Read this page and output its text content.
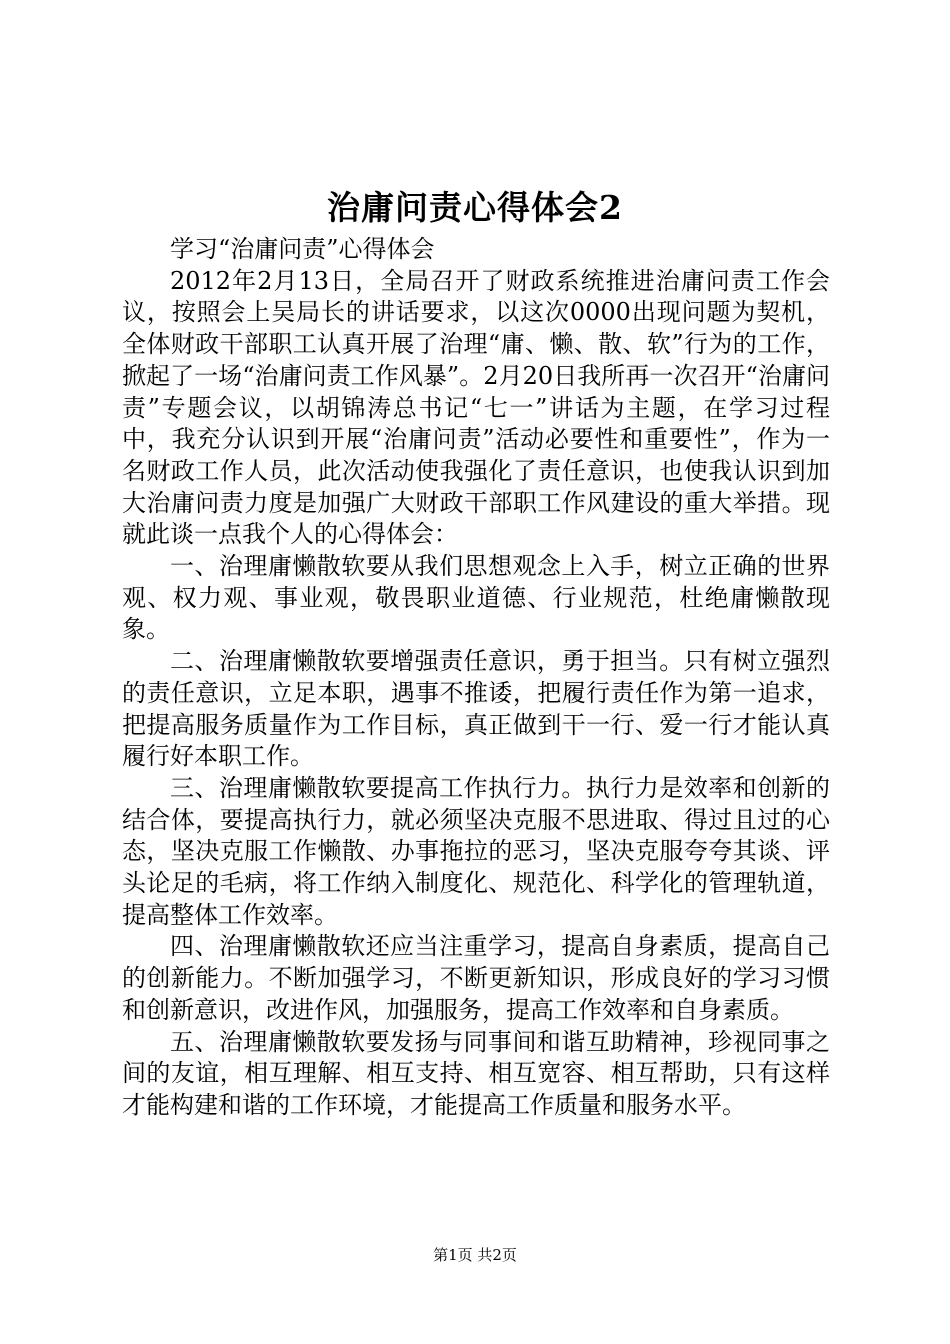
治庸问责心得体会2

学习“治庸问责”心得体会

2012年2月13日，全局召开了财政系统推进治庸问责工作会议，按照会上吴局长的讲话要求，以这次0000出现问题为契机，全体财政干部职工认真开展了治理“庸、懒、散、软”行为的工作，掀起了一场“治庸问责工作风暴”。2月20日我所再一次召开“治庸问责”专题会议，以胡锦涛总书记“七一”讲话为主题，在学习过程中，我充分认识到开展“治庸问责”活动必要性和重要性”，作为一名财政工作人员，此次活动使我强化了责任意识，也使我认识到加大治庸问责力度是加强广大财政干部职工作风建设的重大举措。现就此谈一点我个人的心得体会：

一、治理庸懒散软要从我们思想观念上入手，树立正确的世界观、权力观、事业观，敬畏职业道德、行业规范，杜绝庸懒散现象。

二、治理庸懒散软要增强责任意识，勇于担当。只有树立强烈的责任意识，立足本职，遇事不推诿，把履行责任作为第一追求，把提高服务质量作为工作目标，真正做到干一行、爱一行才能认真履行好本职工作。

三、治理庸懒散软要提高工作执行力。执行力是效率和创新的结合体，要提高执行力，就必须坚决克服不思进取、得过且过的心态，坚决克服工作懒散、办事拖拉的恶习，坚决克服夸夸其谈、评头论足的毛病，将工作纳入制度化、规范化、科学化的管理轨道，提高整体工作效率。

四、治理庸懒散软还应当注重学习，提高自身素质，提高自己的创新能力。不断加强学习，不断更新知识，形成良好的学习习惯和创新意识，改进作风，加强服务，提高工作效率和自身素质。

五、治理庸懒散软要发扬与同事间和谐互助精神，珍视同事之间的友谊，相互理解、相互支持、相互宽容、相互帮助，只有这样才能构建和谐的工作环境，才能提高工作质量和服务水平。

第1页 共2页
